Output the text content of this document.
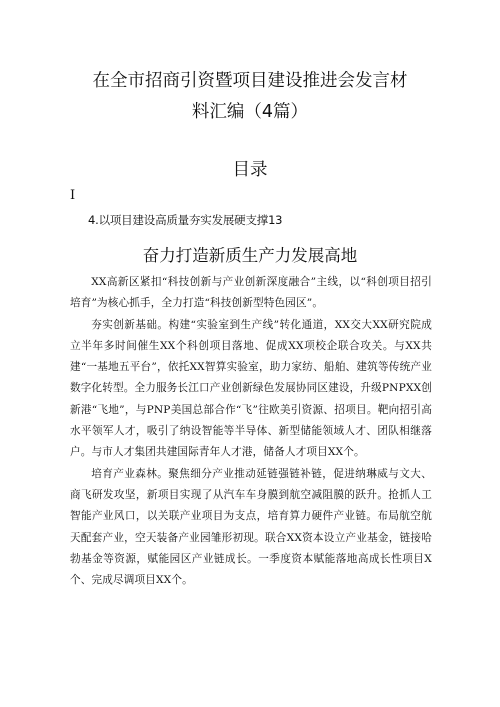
在全市招商引资暨项目建设推进会发言材
料汇编（4篇）
目录
I
4.以项目建设高质量夯实发展硬支撑13
奋力打造新质生产力发展高地

XX高新区紧扣“科技创新与产业创新深度融合”主线，以“科创项目招引培育”为核心抓手，全力打造“科技创新型特色园区”。

夯实创新基础。构建“实验室到生产线”转化通道，XX交大XX研究院成立半年多时间催生XX个科创项目落地、促成XX项校企联合攻关。与XX共建“一基地五平台”，依托XX智算实验室，助力家纺、船舶、建筑等传统产业数字化转型。全力服务长江口产业创新绿色发展协同区建设，升级PNPXX创新港“飞地”，与PNP美国总部合作“飞”往欧美引资源、招项目。靶向招引高水平领军人才，吸引了纳设智能等半导体、新型储能领域人才、团队相继落户。与市人才集团共建国际青年人才港，储备人才项目XX个。

培育产业森林。聚焦细分产业推动延链强链补链，促进纳琳威与文大、商飞研发攻坚，新项目实现了从汽车车身膜到航空减阻膜的跃升。抢抓人工智能产业风口，以关联产业项目为支点，培育算力硬件产业链。布局航空航天配套产业，空天装备产业园雏形初现。联合XX资本设立产业基金，链接哈勃基金等资源，赋能园区产业链成长。一季度资本赋能落地高成长性项目X个、完成尽调项目XX个。
